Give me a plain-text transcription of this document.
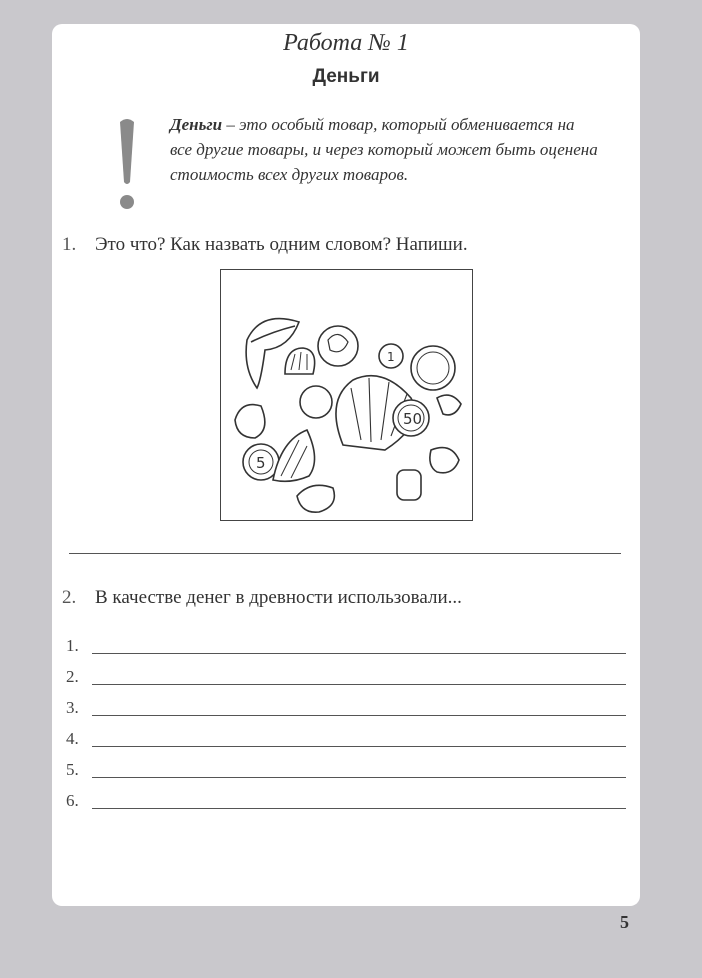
Работа № 1
Деньги
Деньги – это особый товар, который обменивается на все другие товары, и через который может быть оценена стоимость всех других товаров.
1. Это что? Как назвать одним словом? Напиши.
50
5
1
2. В качестве денег в древности использовали...
1.
2.
3.
4.
5.
6.
5
